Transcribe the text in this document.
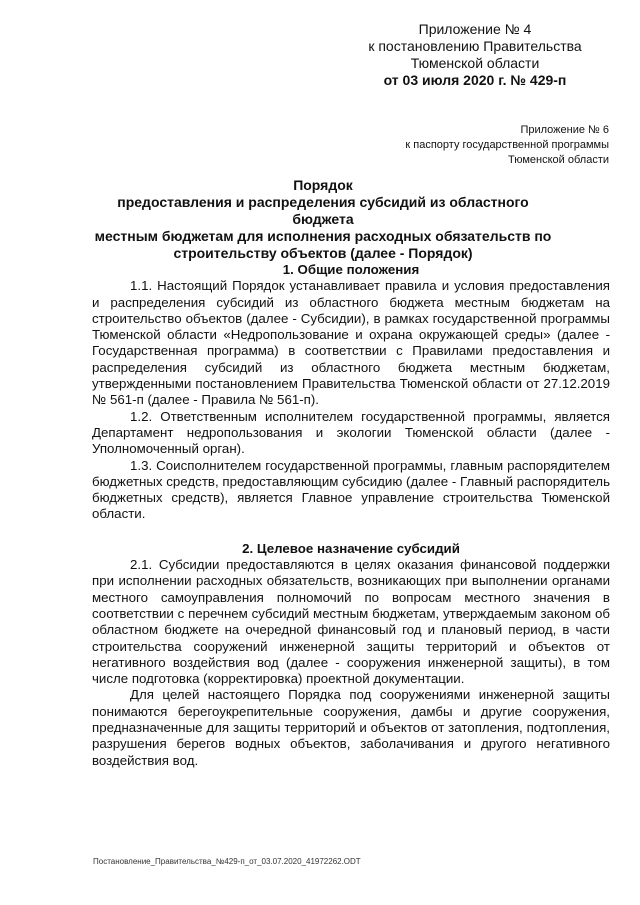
Приложение № 4
к постановлению Правительства
Тюменской области
от 03 июля 2020 г. № 429-п
Приложение № 6
к паспорту государственной программы
Тюменской области
Порядок
предоставления и распределения субсидий из областного бюджета
местным бюджетам для исполнения расходных обязательств по
строительству объектов (далее - Порядок)
1. Общие положения

1.1. Настоящий Порядок устанавливает правила и условия предоставления и распределения субсидий из областного бюджета местным бюджетам на строительство объектов (далее - Субсидии), в рамках государственной программы Тюменской области «Недропользование и охрана окружающей среды» (далее - Государственная программа) в соответствии с Правилами предоставления и распределения субсидий из областного бюджета местным бюджетам, утвержденными постановлением Правительства Тюменской области от 27.12.2019 № 561-п (далее - Правила № 561-п).

1.2. Ответственным исполнителем государственной программы, является Департамент недропользования и экологии Тюменской области (далее - Уполномоченный орган).

1.3. Соисполнителем государственной программы, главным распорядителем бюджетных средств, предоставляющим субсидию (далее - Главный распорядитель бюджетных средств), является Главное управление строительства Тюменской области.

2. Целевое назначение субсидий

2.1. Субсидии предоставляются в целях оказания финансовой поддержки при исполнении расходных обязательств, возникающих при выполнении органами местного самоуправления полномочий по вопросам местного значения в соответствии с перечнем субсидий местным бюджетам, утверждаемым законом об областном бюджете на очередной финансовый год и плановый период, в части строительства сооружений инженерной защиты территорий и объектов от негативного воздействия вод (далее - сооружения инженерной защиты), в том числе подготовка (корректировка) проектной документации.

Для целей настоящего Порядка под сооружениями инженерной защиты понимаются берегоукрепительные сооружения, дамбы и другие сооружения, предназначенные для защиты территорий и объектов от затопления, подтопления, разрушения берегов водных объектов, заболачивания и другого негативного воздействия вод.

Постановление_Правительства_№429-п_от_03.07.2020_41972262.ODT
